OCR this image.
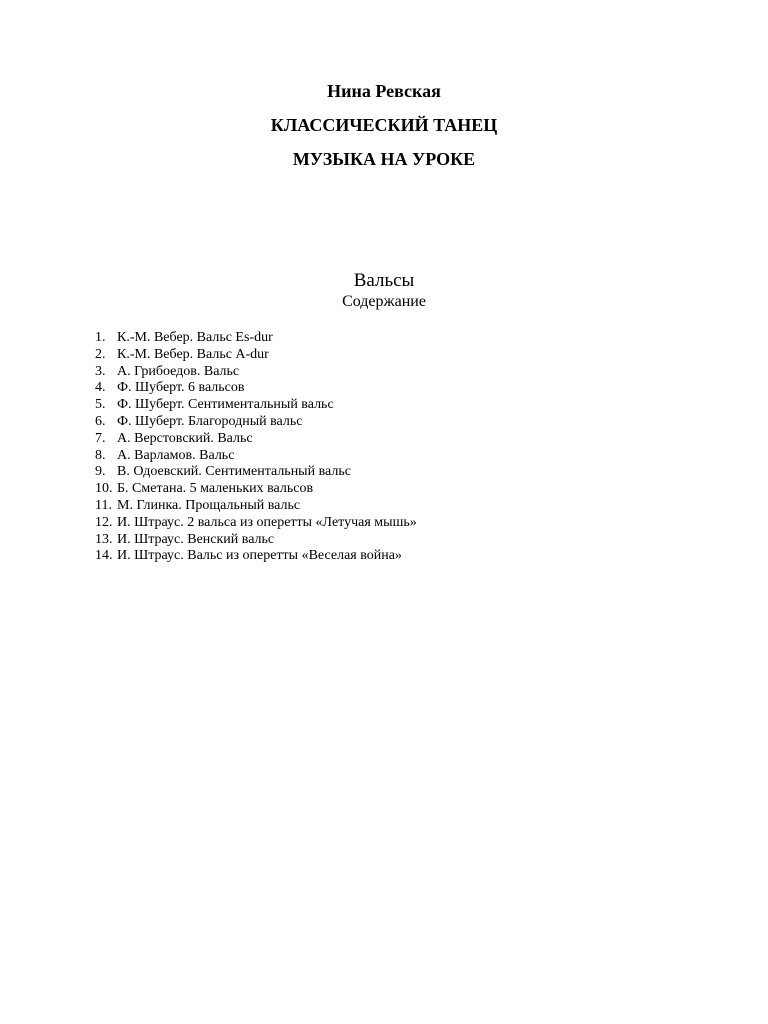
Нина Ревская
КЛАССИЧЕСКИЙ ТАНЕЦ
МУЗЫКА НА УРОКЕ
Вальсы
Содержание
1. К.-М. Вебер. Вальс Es-dur
2. К.-М. Вебер. Вальс A-dur
3. А. Грибоедов. Вальс
4. Ф. Шуберт. 6 вальсов
5. Ф. Шуберт. Сентиментальный вальс
6. Ф. Шуберт. Благородный вальс
7. А. Верстовский. Вальс
8. А. Варламов. Вальс
9. В. Одоевский. Сентиментальный вальс
10. Б. Сметана. 5 маленьких вальсов
11. М. Глинка. Прощальный вальс
12. И. Штраус. 2 вальса из оперетты «Летучая мышь»
13. И. Штраус. Венский вальс
14. И. Штраус. Вальс из оперетты «Веселая война»
